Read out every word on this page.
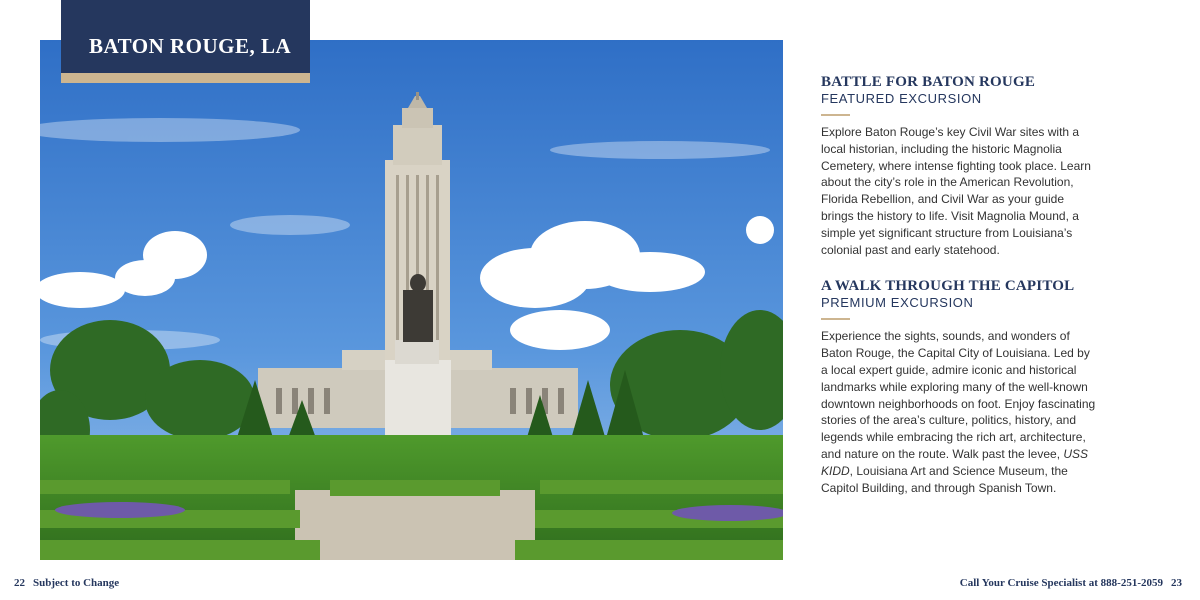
BATON ROUGE, LA
BATTLE FOR BATON ROUGE
FEATURED EXCURSION

Explore Baton Rouge’s key Civil War sites with a local historian, including the historic Magnolia Cemetery, where intense fighting took place. Learn about the city’s role in the American Revolution, Florida Rebellion, and Civil War as your guide brings the history to life. Visit Magnolia Mound, a simple yet significant structure from Louisiana’s colonial past and early statehood.

A WALK THROUGH THE CAPITOL
PREMIUM EXCURSION

Experience the sights, sounds, and wonders of Baton Rouge, the Capital City of Louisiana. Led by a local expert guide, admire iconic and historical landmarks while exploring many of the well-known downtown neighborhoods on foot. Enjoy fascinating stories of the area’s culture, politics, history, and legends while embracing the rich art, architecture, and nature on the route. Walk past the levee, USS KIDD, Louisiana Art and Science Museum, the Capitol Building, and through Spanish Town.

22 Subject to Change	Call Your Cruise Specialist at 888-251-2059 23
